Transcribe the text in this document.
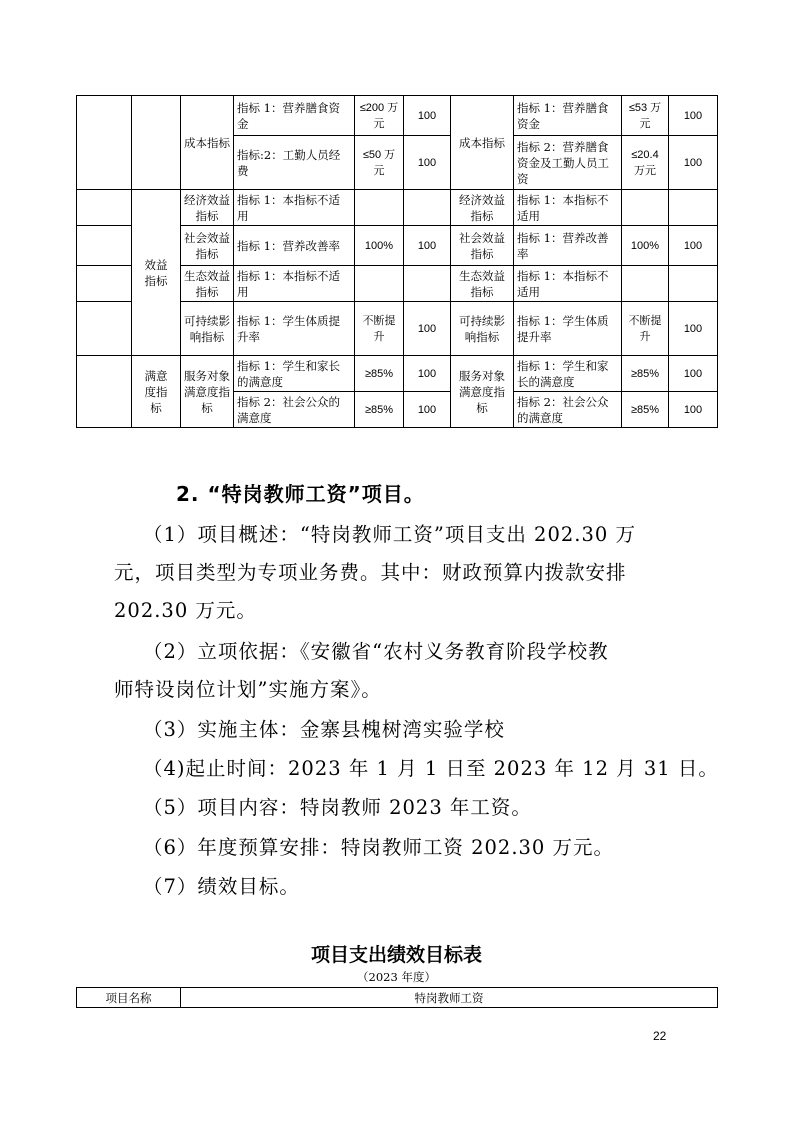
		成本指标	指标 1：营养膳食资金	≤200 万元	100	成本指标	指标 1：营养膳食资金	≤53 万元	100
			指标:2：工勤人员经费	≤50 万元	100		指标 2：营养膳食资金及工勤人员工资	≤20.4 万元	100
	效益指标	经济效益指标	指标 1：本指标不适用			经济效益指标	指标 1：本指标不适用		
		社会效益指标	指标 1：营养改善率	100%	100	社会效益指标	指标 1：营养改善率	100%	100
		生态效益指标	指标 1：本指标不适用			生态效益指标	指标 1：本指标不适用		
		可持续影响指标	指标 1：学生体质提升率	不断提升	100	可持续影响指标	指标 1：学生体质提升率	不断提升	100
	满意度指标	服务对象满意度指标	指标 1：学生和家长的满意度	≥85%	100	服务对象满意度指标	指标 1：学生和家长的满意度	≥85%	100
			指标 2：社会公众的满意度	≥85%	100		指标 2：社会公众的满意度	≥85%	100
2. “特岗教师工资”项目。
（1）项目概述：“特岗教师工资”项目支出 202.30 万
元，项目类型为专项业务费。其中：财政预算内拨款安排
202.30 万元。
（2）立项依据：《安徽省“农村义务教育阶段学校教
师特设岗位计划”实施方案》。
（3）实施主体：金寨县槐树湾实验学校
（4)起止时间：2023 年 1 月 1 日至 2023 年 12 月 31 日。
（5）项目内容：特岗教师 2023 年工资。
（6）年度预算安排：特岗教师工资 202.30 万元。
（7）绩效目标。
项目支出绩效目标表
（2023 年度）
项目名称	特岗教师工资
22
